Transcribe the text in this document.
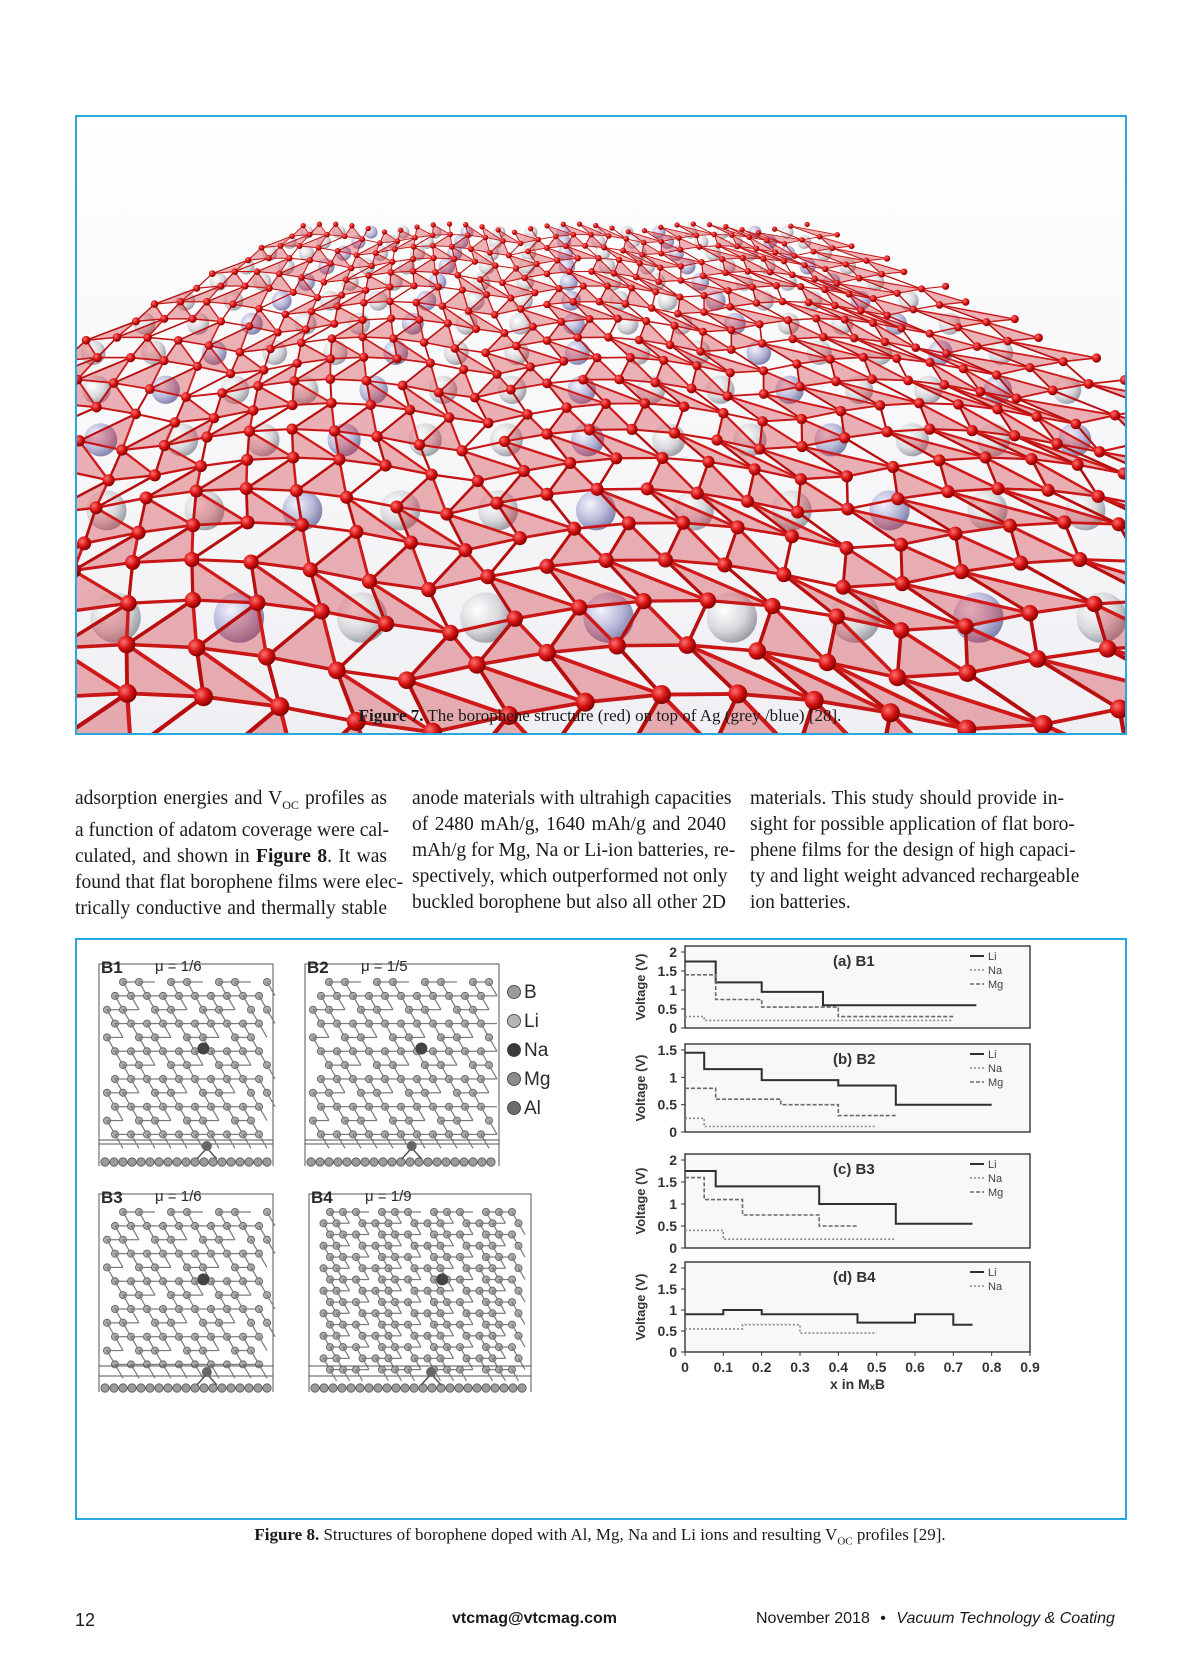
Figure 7. The borophene structure (red) on top of Ag (grey /blue) [28].
adsorption energies and $V_{OC}$ profiles as
a function of adatom coverage were cal-
culated, and shown in Figure 8. It was
found that flat borophene films were elec-
trically conductive and thermally stable
anode materials with ultrahigh capacities
of 2480 mAh/g, 1640 mAh/g and 2040
mAh/g for Mg, Na or Li-ion batteries, re-
spectively, which outperformed not only
buckled borophene but also all other 2D
materials. This study should provide in-
sight for possible application of flat boro-
phene films for the design of high capaci-
ty and light weight advanced rechargeable
ion batteries.
B1 μ = 1/6	B2 μ = 1/5
B3 μ = 1/6	B4 μ = 1/9
B
Li
Na
Mg
Al
0
0.5
1
1.5
2
Voltage (V)	(a) B1	Li
Na
Mg
0
0.5
1
1.5
Voltage (V)	(b) B2	Li
Na
Mg
0
0.5
1
1.5
2
Voltage (V)	(c) B3	Li
Na
Mg
0
0.5
1
1.5
2
Voltage (V)	(d) B4	Li
Na
0 0.1 0.2 0.3 0.4 0.5 0.6 0.7 0.8 0.9
x in MₓB
Figure 8. Structures of borophene doped with Al, Mg, Na and Li ions and resulting $V_{OC}$ profiles [29].
12	vtcmag@vtcmag.com	November 2018 • Vacuum Technology & Coating
